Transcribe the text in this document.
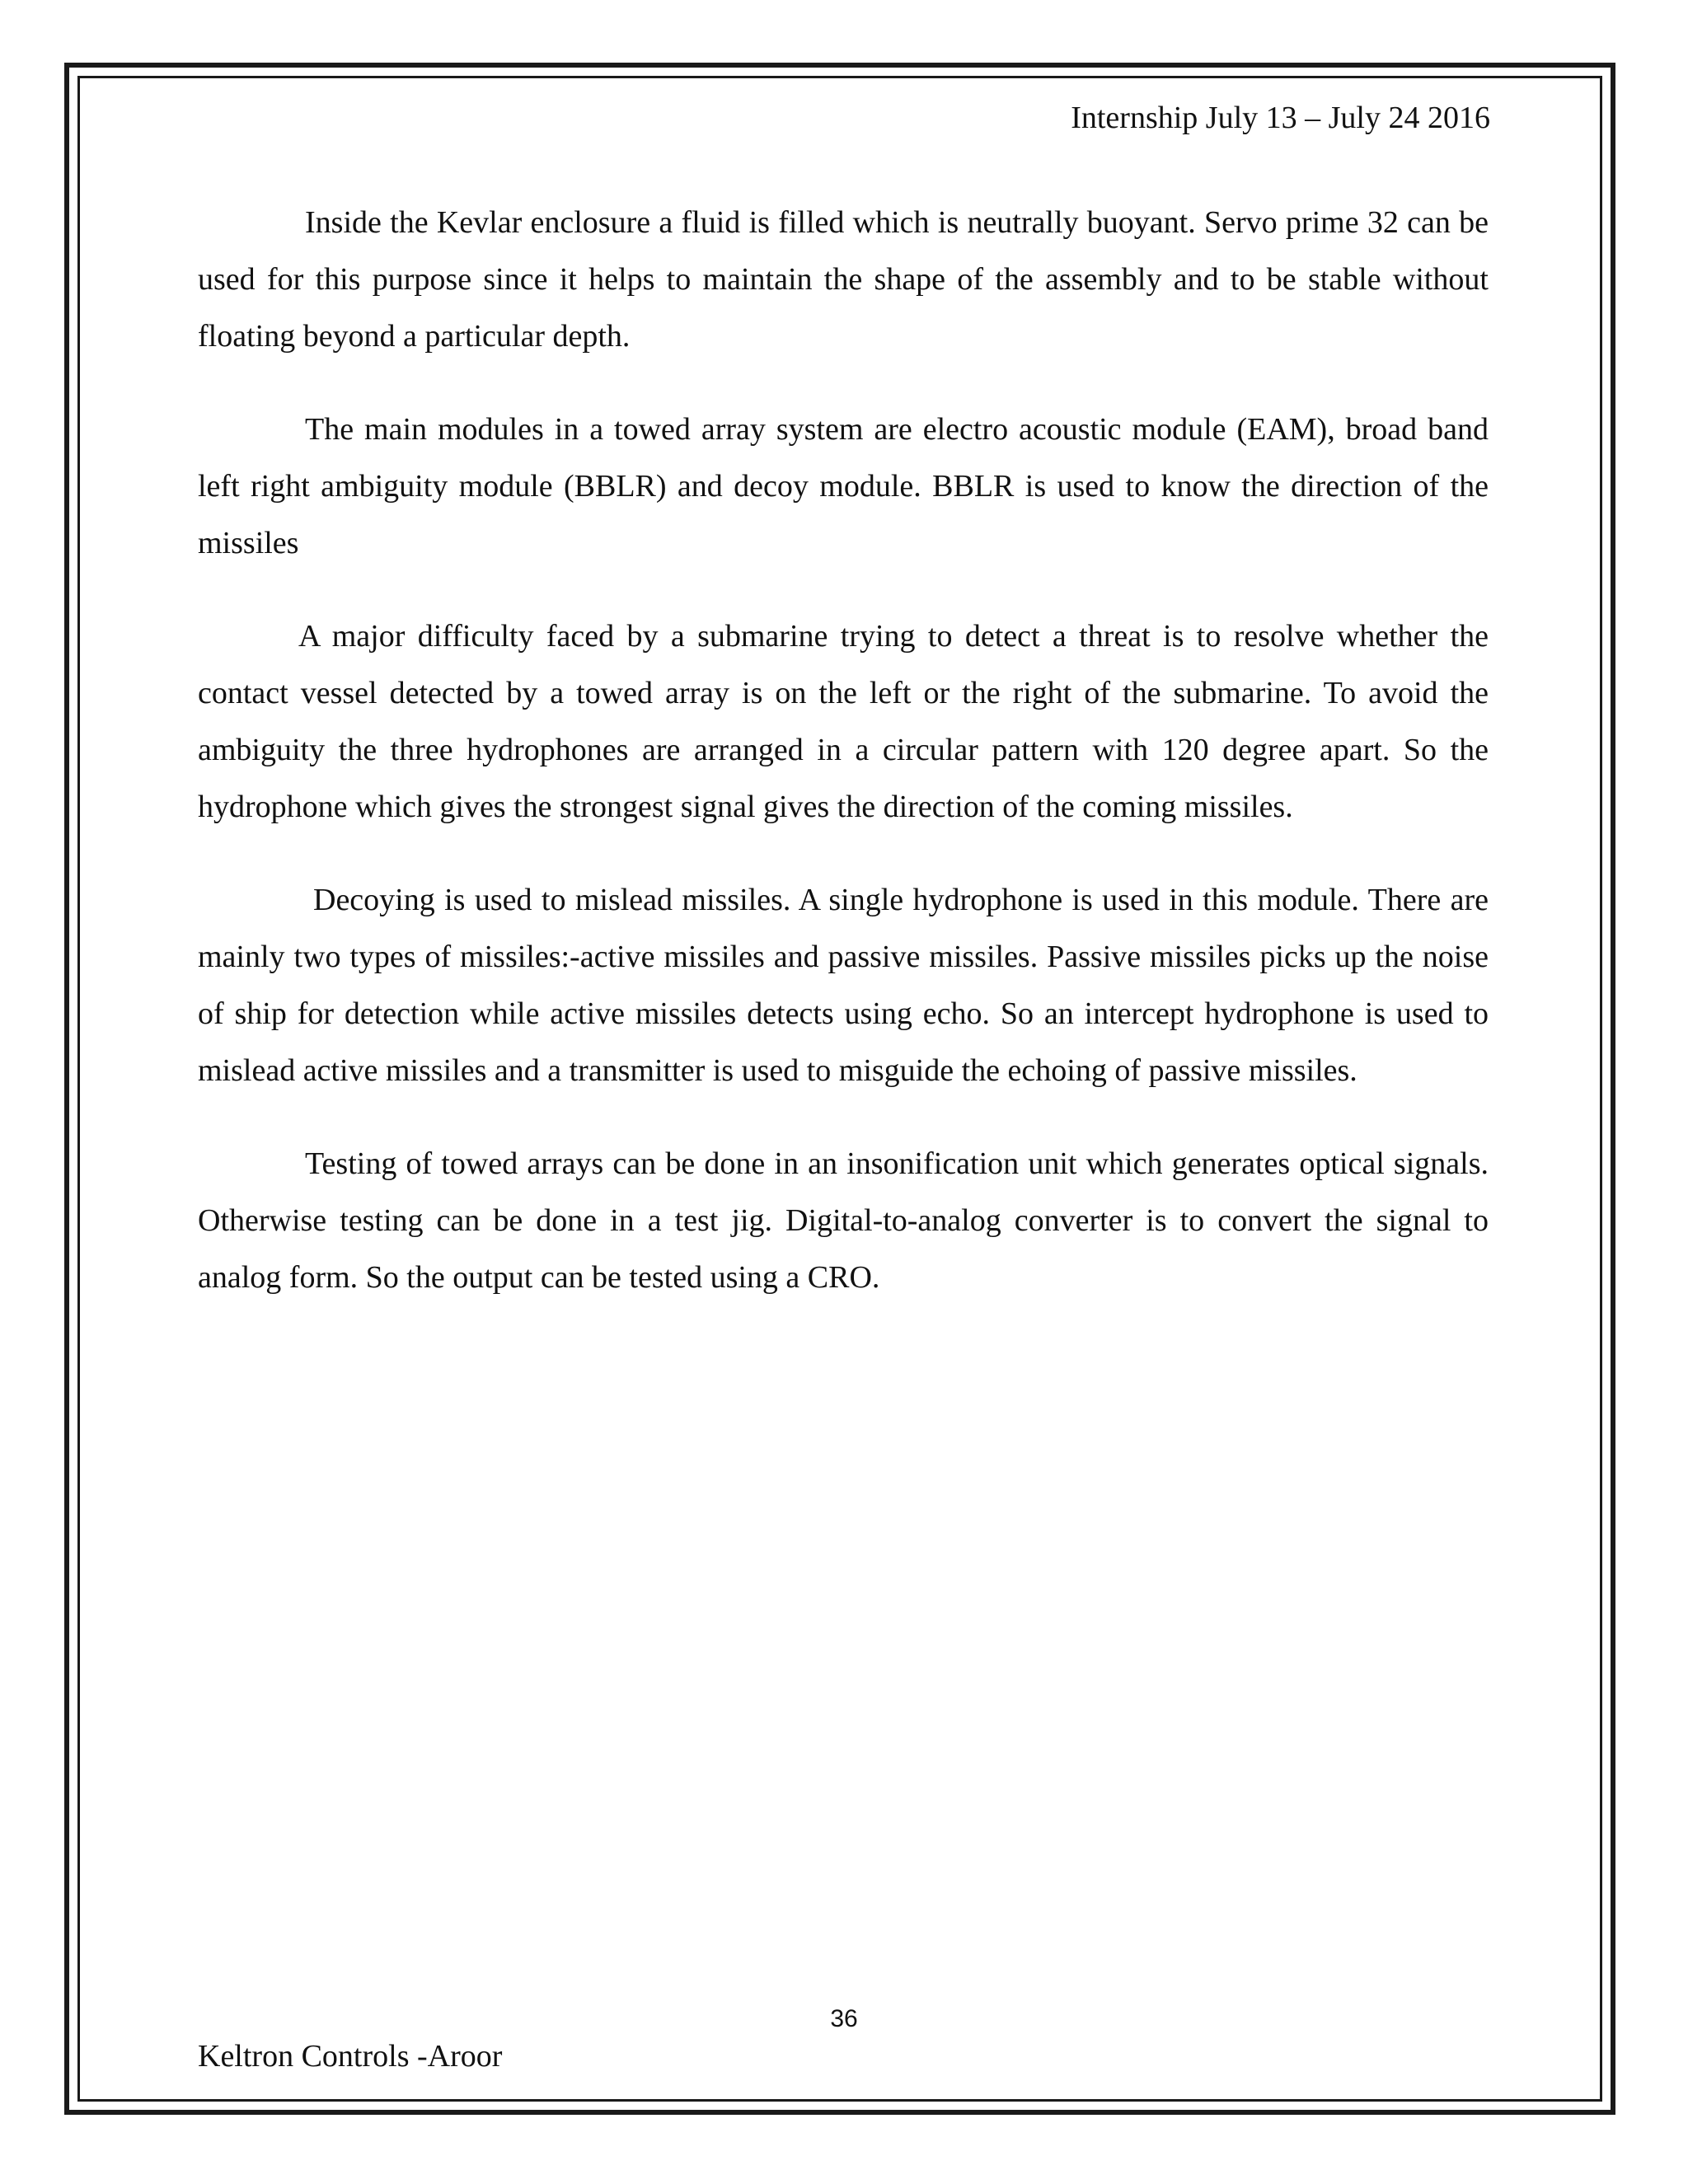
Internship July 13 – July 24 2016

Inside the Kevlar enclosure a fluid is filled which is neutrally buoyant. Servo prime 32 can be used for this purpose since it helps to maintain the shape of the assembly and to be stable without floating beyond a particular depth.

The main modules in a towed array system are electro acoustic module (EAM), broad band left right ambiguity module (BBLR) and decoy module. BBLR is used to know the direction of the missiles

A major difficulty faced by a submarine trying to detect a threat is to resolve whether the contact vessel detected by a towed array is on the left or the right of the submarine. To avoid the ambiguity the three hydrophones are arranged in a circular pattern with 120 degree apart. So the hydrophone which gives the strongest signal gives the direction of the coming missiles.

Decoying is used to mislead missiles. A single hydrophone is used in this module. There are mainly two types of missiles:-active missiles and passive missiles. Passive missiles picks up the noise of ship for detection while active missiles detects using echo. So an intercept hydrophone is used to mislead active missiles and a transmitter is used to misguide the echoing of passive missiles.

Testing of towed arrays can be done in an insonification unit which generates optical signals. Otherwise testing can be done in a test jig. Digital-to-analog converter is to convert the signal to analog form. So the output can be tested using a CRO.

36
Keltron Controls -Aroor
